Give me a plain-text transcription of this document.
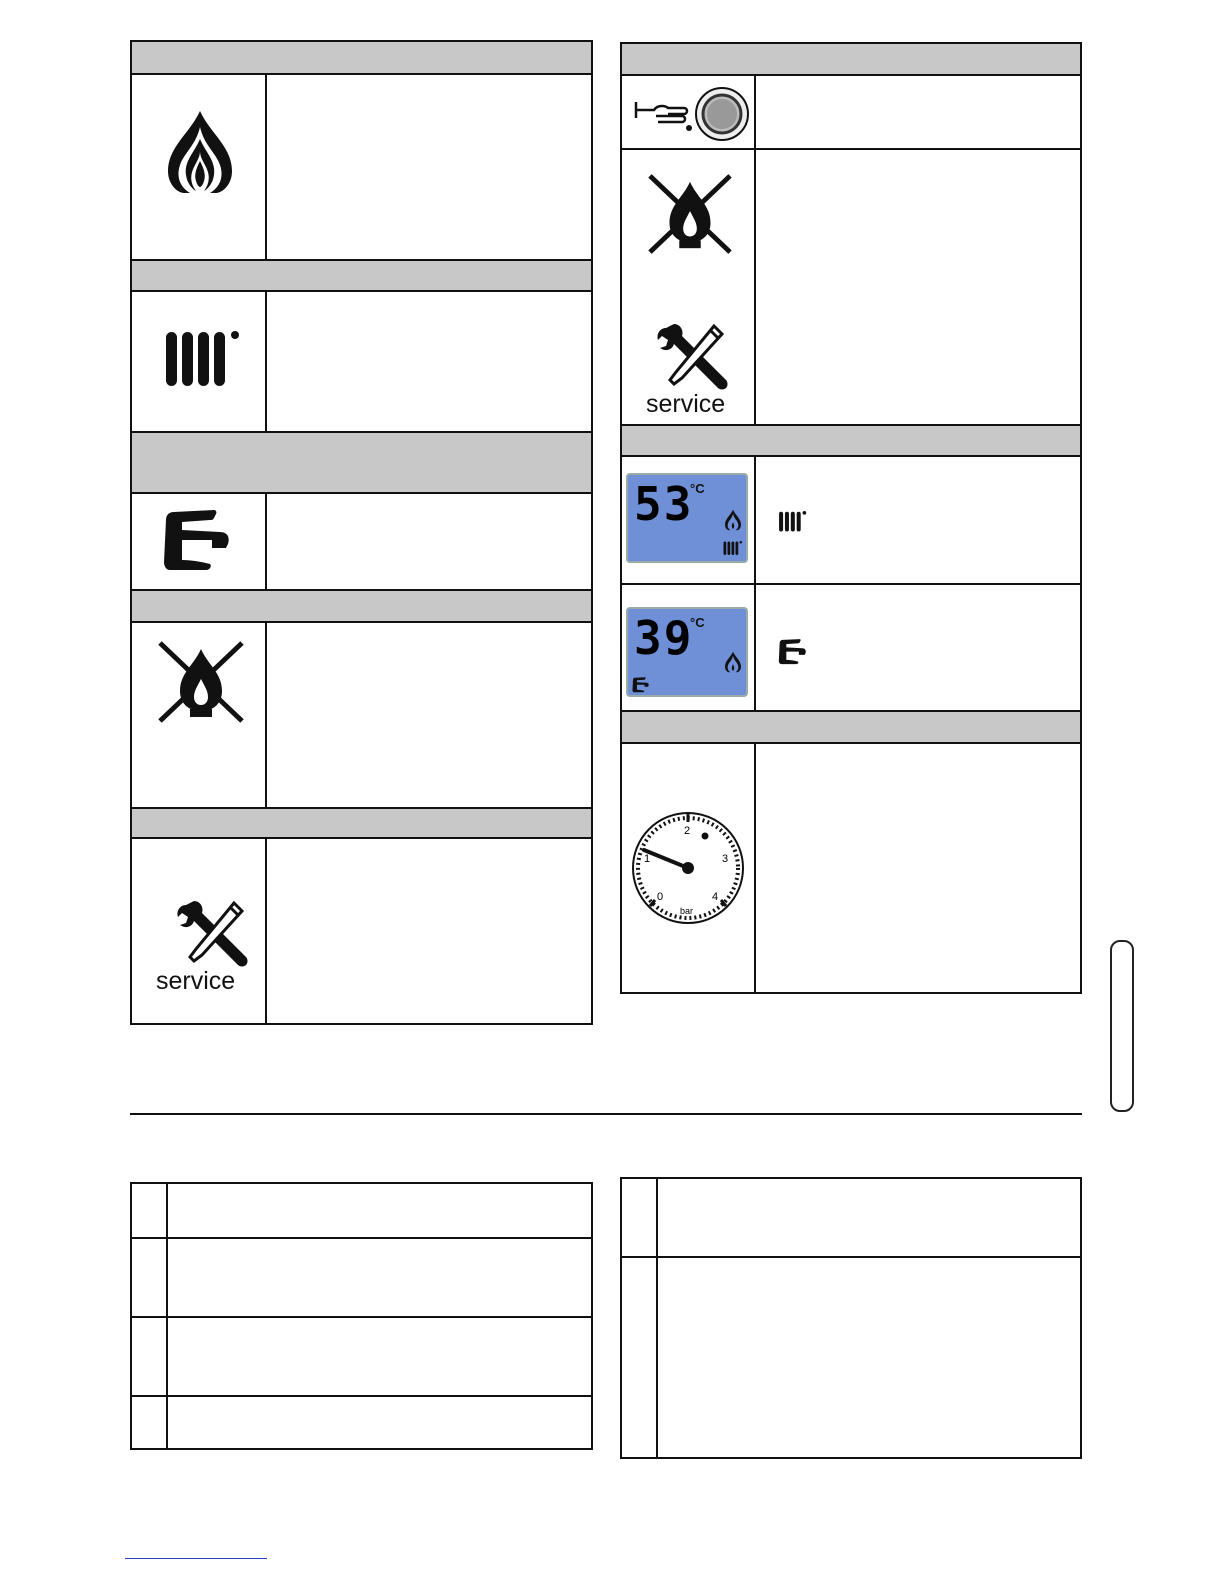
service
service
53
°C
39
°C
0
1
2
3
4
bar
